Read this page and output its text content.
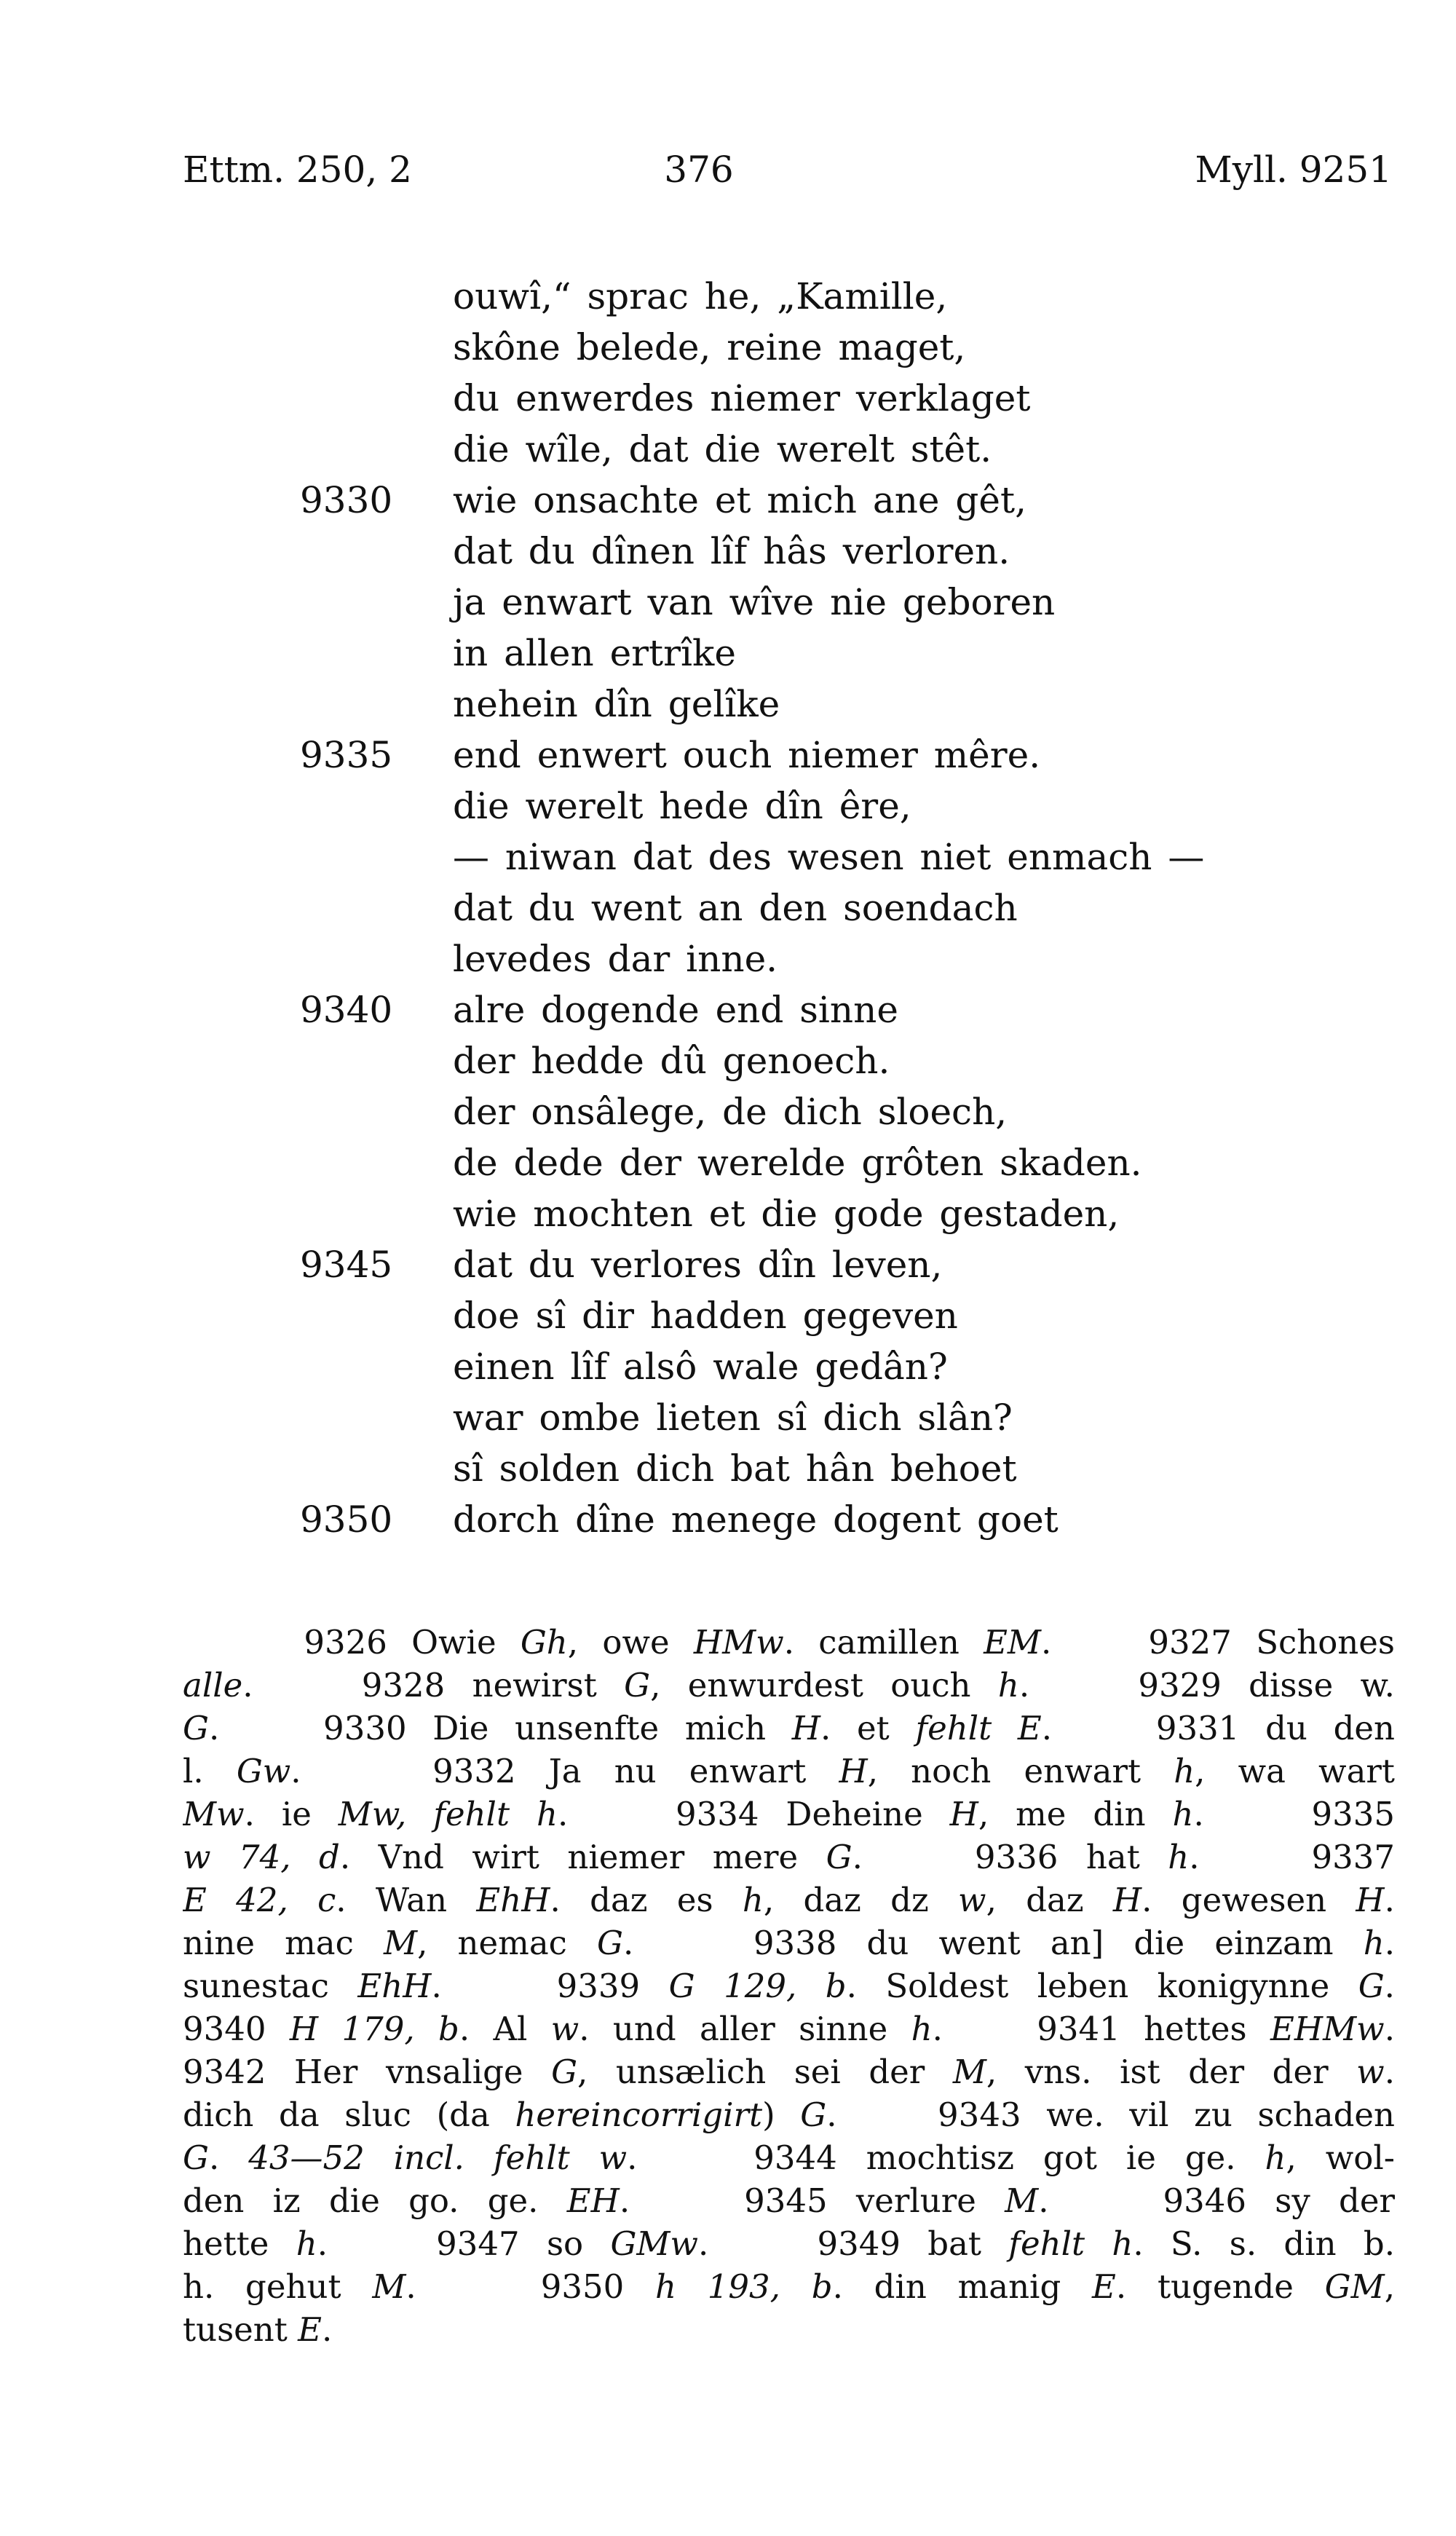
Ettm. 250, 2	376	Myll. 9251
ouwî,“ sprac he, „Kamille,
skône belede, reine maget,
du enwerdes niemer verklaget
die wîle, dat die werelt stêt.
9330 wie onsachte et mich ane gêt,
dat du dînen lîf hâs verloren.
ja enwart van wîve nie geboren
in allen ertrîke
nehein dîn gelîke
9335 end enwert ouch niemer mêre.
die werelt hede dîn êre,
— niwan dat des wesen niet enmach —
dat du went an den soendach
levedes dar inne.
9340 alre dogende end sinne
der hedde dû genoech.
der onsâlege, de dich sloech,
de dede der werelde grôten skaden.
wie mochten et die gode gestaden,
9345 dat du verlores dîn leven,
doe sî dir hadden gegeven
einen lîf alsô wale gedân?
war ombe lieten sî dich slân?
sî solden dich bat hân behoet
9350 dorch dîne menege dogent goet
9326 Owie Gh, owe HMw. camillen EM.    9327 Schones
alle.    9328 newirst G, enwurdest ouch h.    9329 disse w.
G.    9330 Die unsenfte mich H. et fehlt E.    9331 du den
l. Gw.    9332 Ja nu enwart H, noch enwart h, wa wart
Mw. ie Mw, fehlt h.    9334 Deheine H, me din h.    9335
w 74, d. Vnd wirt niemer mere G.    9336 hat h.    9337
E 42, c. Wan EhH. daz es h, daz dz w, daz H. gewesen H.
nine mac M, nemac G.    9338 du went an] die einzam h.
sunestac EhH.    9339 G 129, b. Soldest leben konigynne G.
9340 H 179, b. Al w. und aller sinne h.    9341 hettes EHMw.
9342 Her vnsalige G, unsælich sei der M, vns. ist der der w.
dich da sluc (da hereincorrigirt) G.    9343 we. vil zu schaden
G. 43—52 incl. fehlt w.    9344 mochtisz got ie ge. h, wol-
den iz die go. ge. EH.    9345 verlure M.    9346 sy der
hette h.    9347 so GMw.    9349 bat fehlt h. S. s. din b.
h. gehut M.    9350 h 193, b. din manig E. tugende GM,
tusent E.
